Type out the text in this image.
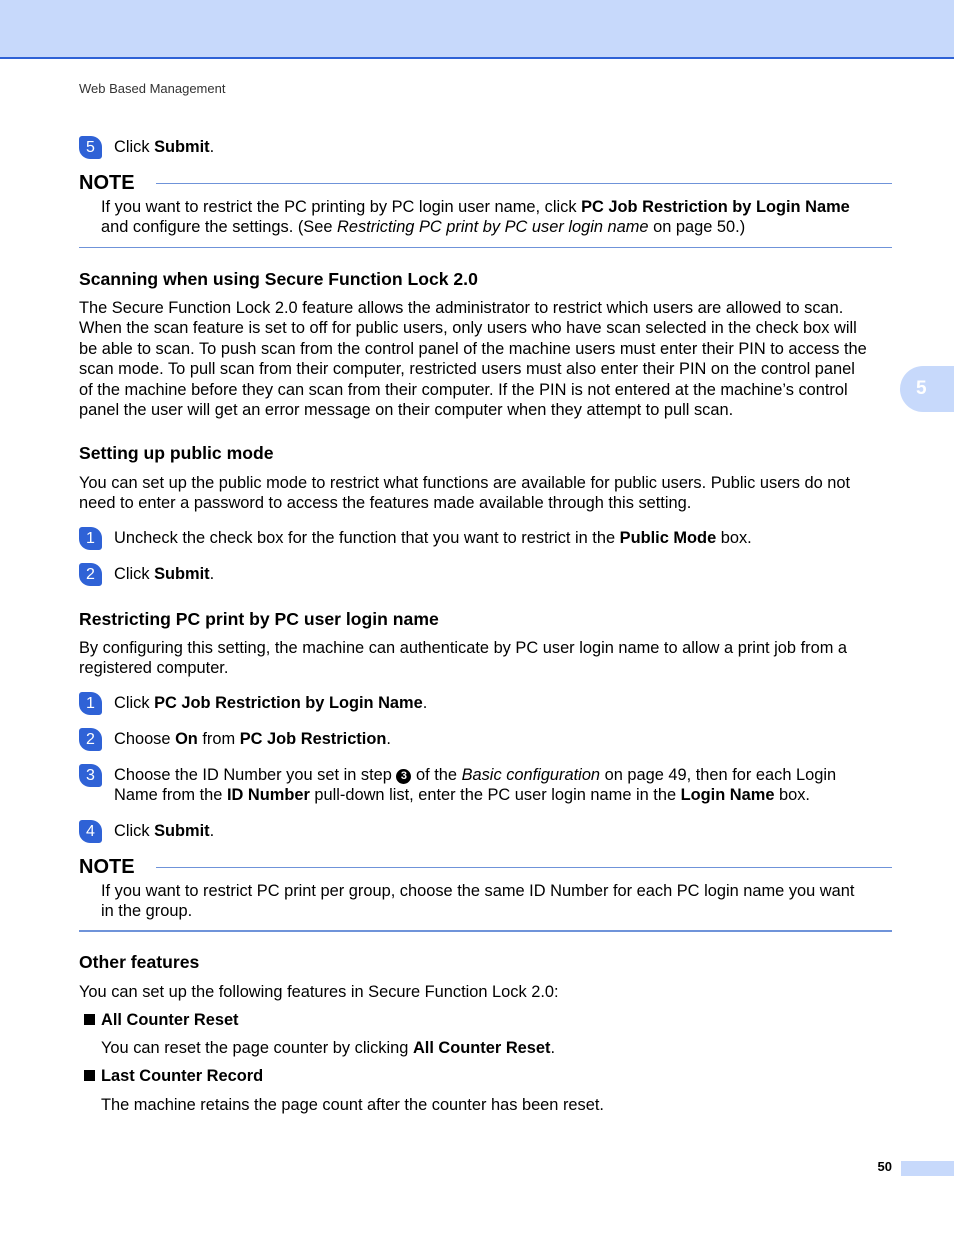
Web Based Management
5
5	Click Submit.
NOTE
If you want to restrict the PC printing by PC login user name, click PC Job Restriction by Login Name
and configure the settings. (See Restricting PC print by PC user login name on page 50.)
Scanning when using Secure Function Lock 2.0
The Secure Function Lock 2.0 feature allows the administrator to restrict which users are allowed to scan.
When the scan feature is set to off for public users, only users who have scan selected in the check box will
be able to scan. To push scan from the control panel of the machine users must enter their PIN to access the
scan mode. To pull scan from their computer, restricted users must also enter their PIN on the control panel
of the machine before they can scan from their computer. If the PIN is not entered at the machine’s control
panel the user will get an error message on their computer when they attempt to pull scan.
Setting up public mode
You can set up the public mode to restrict what functions are available for public users. Public users do not
need to enter a password to access the features made available through this setting.
1	Uncheck the check box for the function that you want to restrict in the Public Mode box.
2	Click Submit.
Restricting PC print by PC user login name
By configuring this setting, the machine can authenticate by PC user login name to allow a print job from a
registered computer.
1	Click PC Job Restriction by Login Name.
2	Choose On from PC Job Restriction.
3	Choose the ID Number you set in step 3 of the Basic configuration on page 49, then for each Login
Name from the ID Number pull-down list, enter the PC user login name in the Login Name box.
4	Click Submit.
NOTE
If you want to restrict PC print per group, choose the same ID Number for each PC login name you want
in the group.
Other features
You can set up the following features in Secure Function Lock 2.0:
All Counter Reset
You can reset the page counter by clicking All Counter Reset.
Last Counter Record
The machine retains the page count after the counter has been reset.
50
